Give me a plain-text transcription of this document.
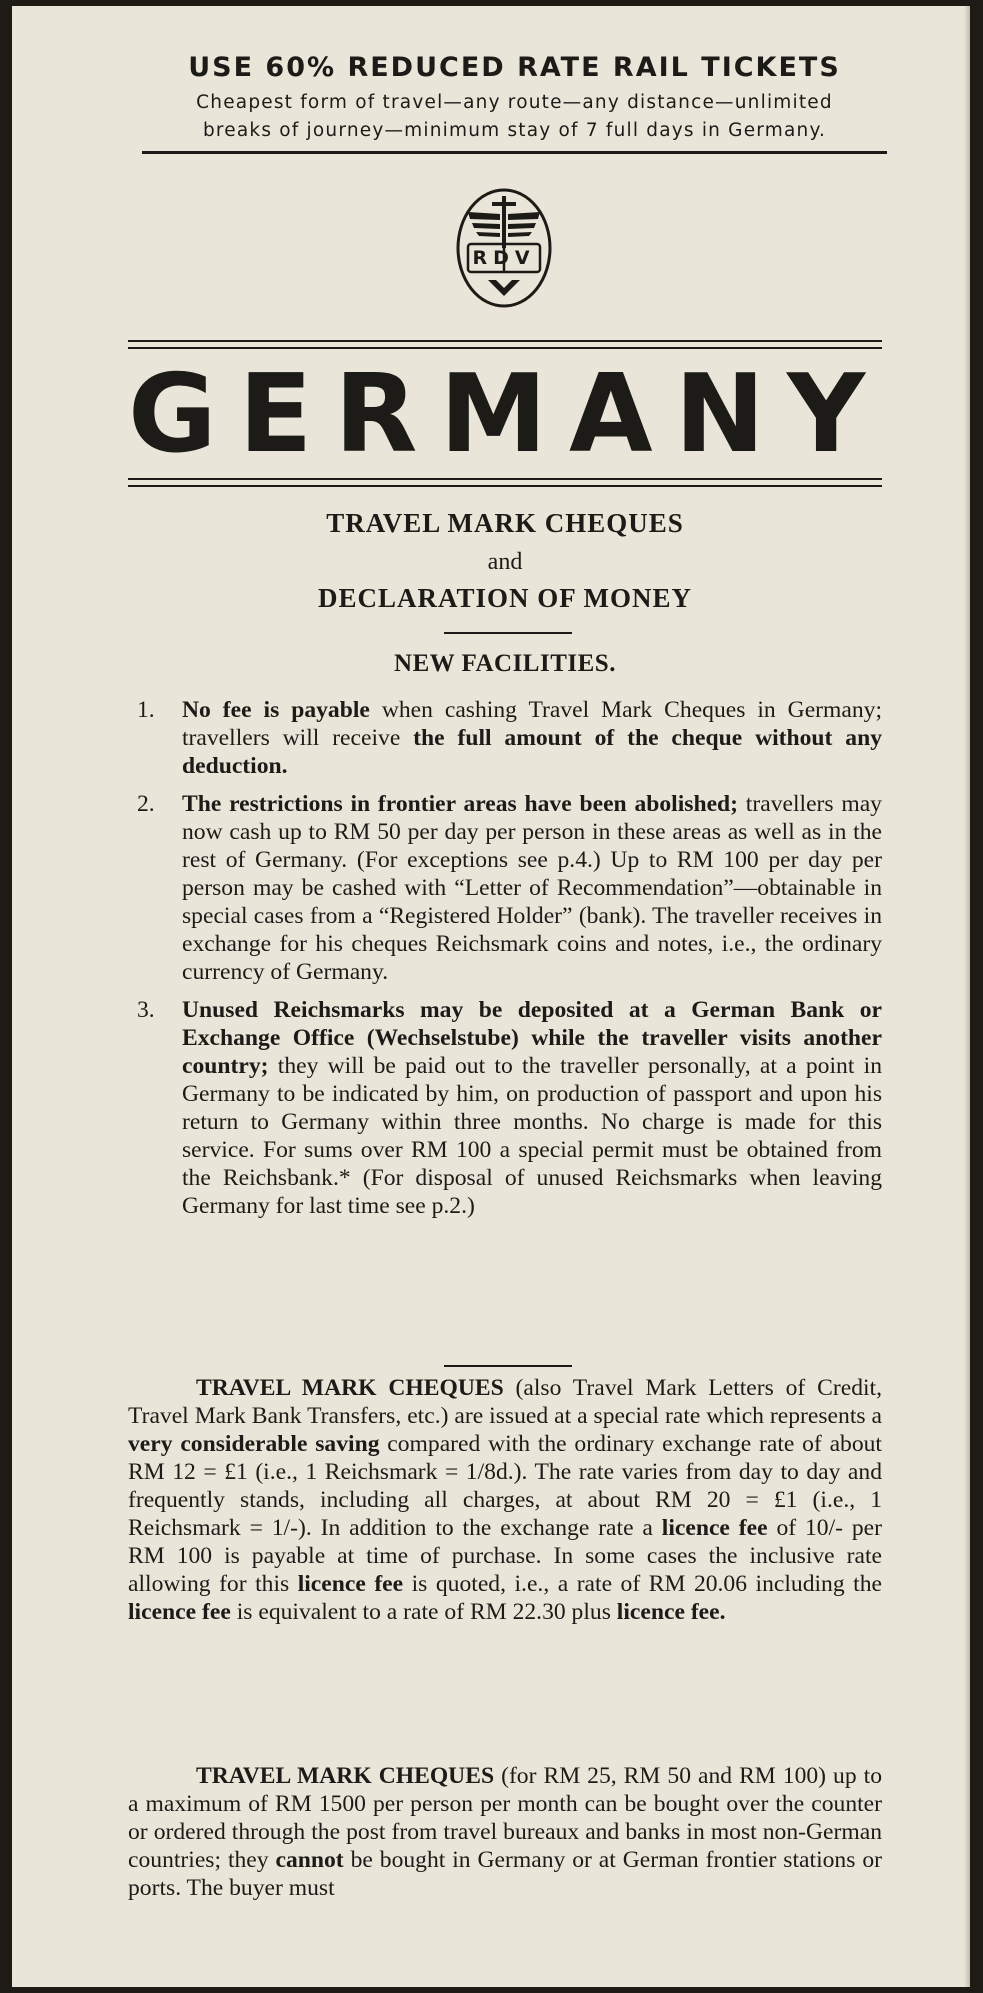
USE 60% REDUCED RATE RAIL TICKETS

Cheapest form of travel—any route—any distance—unlimited
breaks of journey—minimum stay of 7 full days in Germany.
RDV
GERMANY

TRAVEL MARK CHEQUES

and

DECLARATION OF MONEY

NEW FACILITIES.

1.	No fee is payable when cashing Travel Mark Cheques in Germany; travellers will receive the full amount of the cheque without any deduction.
2.	The restrictions in frontier areas have been abolished; travellers may now cash up to RM 50 per day per person in these areas as well as in the rest of Germany. (For exceptions see p.4.) Up to RM 100 per day per person may be cashed with “Letter of Recommendation”—obtainable in special cases from a “Registered Holder” (bank). The traveller receives in exchange for his cheques Reichsmark coins and notes, i.e., the ordinary currency of Germany.
3.	Unused Reichsmarks may be deposited at a German Bank or Exchange Office (Wechselstube) while the traveller visits another country; they will be paid out to the traveller personally, at a point in Germany to be indicated by him, on production of passport and upon his return to Germany within three months. No charge is made for this service. For sums over RM 100 a special permit must be obtained from the Reichsbank.* (For disposal of unused Reichsmarks when leaving Germany for last time see p.2.)

TRAVEL MARK CHEQUES (also Travel Mark Letters of Credit, Travel Mark Bank Transfers, etc.) are issued at a special rate which represents a very considerable saving compared with the ordinary exchange rate of about RM 12 = £1 (i.e., 1 Reichsmark = 1/8d.). The rate varies from day to day and frequently stands, including all charges, at about RM 20 = £1 (i.e., 1 Reichsmark = 1/-). In addition to the exchange rate a licence fee of 10/- per RM 100 is payable at time of purchase. In some cases the inclusive rate allowing for this licence fee is quoted, i.e., a rate of RM 20.06 including the licence fee is equivalent to a rate of RM 22.30 plus licence fee.

TRAVEL MARK CHEQUES (for RM 25, RM 50 and RM 100) up to a maximum of RM 1500 per person per month can be bought over the counter or ordered through the post from travel bureaux and banks in most non-German countries; they cannot be bought in Germany or at German frontier stations or ports. The buyer must
